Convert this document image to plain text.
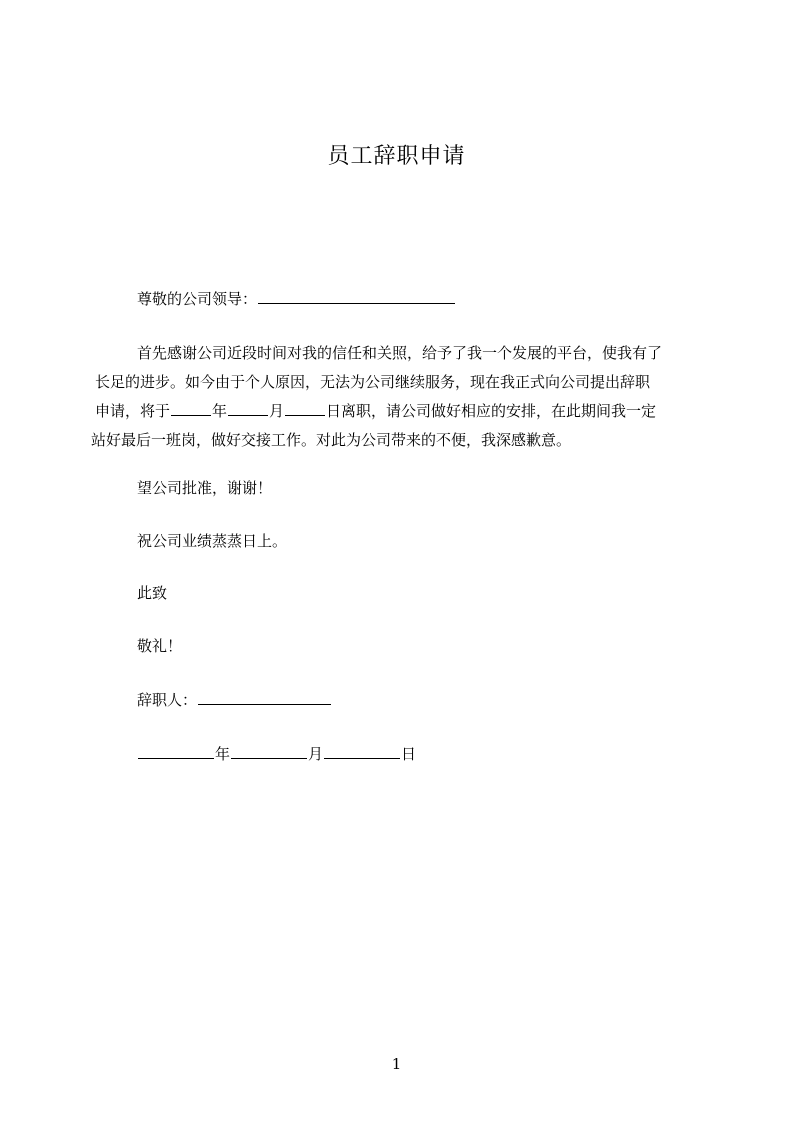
员工辞职申请
尊敬的公司领导：
首先感谢公司近段时间对我的信任和关照，给予了我一个发展的平台，使我有了
长足的进步。如今由于个人原因，无法为公司继续服务，现在我正式向公司提出辞职
申请，将于	年	月	日离职，请公司做好相应的安排，在此期间我一定
站好最后一班岗，做好交接工作。对此为公司带来的不便，我深感歉意。
望公司批准，谢谢！
祝公司业绩蒸蒸日上。
此致
敬礼！
辞职人：
年	月	日
1
